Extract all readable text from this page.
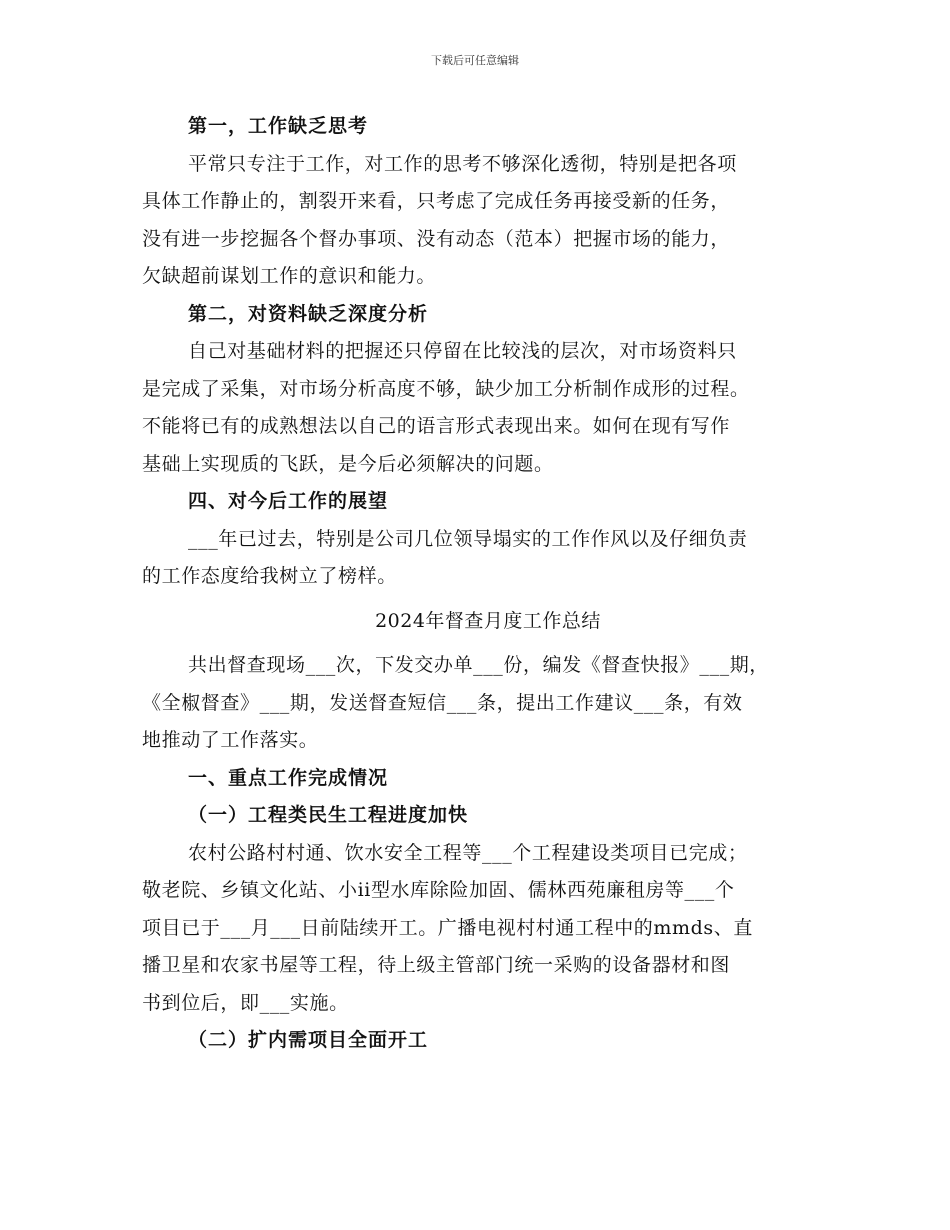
下载后可任意编辑
第一，工作缺乏思考
平常只专注于工作，对工作的思考不够深化透彻，特别是把各项
具体工作静止的，割裂开来看，只考虑了完成任务再接受新的任务，
没有进一步挖掘各个督办事项、没有动态（范本）把握市场的能力，
欠缺超前谋划工作的意识和能力。
第二，对资料缺乏深度分析
自己对基础材料的把握还只停留在比较浅的层次，对市场资料只
是完成了采集，对市场分析高度不够，缺少加工分析制作成形的过程。
不能将已有的成熟想法以自己的语言形式表现出来。如何在现有写作
基础上实现质的飞跃，是今后必须解决的问题。
四、对今后工作的展望
___年已过去，特别是公司几位领导塌实的工作作风以及仔细负责
的工作态度给我树立了榜样。
2024年督查月度工作总结
共出督查现场___次，下发交办单___份，编发《督查快报》___期，
《全椒督查》___期，发送督查短信___条，提出工作建议___条，有效
地推动了工作落实。
一、重点工作完成情况
（一）工程类民生工程进度加快
农村公路村村通、饮水安全工程等___个工程建设类项目已完成；
敬老院、乡镇文化站、小ii型水库除险加固、儒林西苑廉租房等___个
项目已于___月___日前陆续开工。广播电视村村通工程中的mmds、直
播卫星和农家书屋等工程，待上级主管部门统一采购的设备器材和图
书到位后，即___实施。
（二）扩内需项目全面开工
